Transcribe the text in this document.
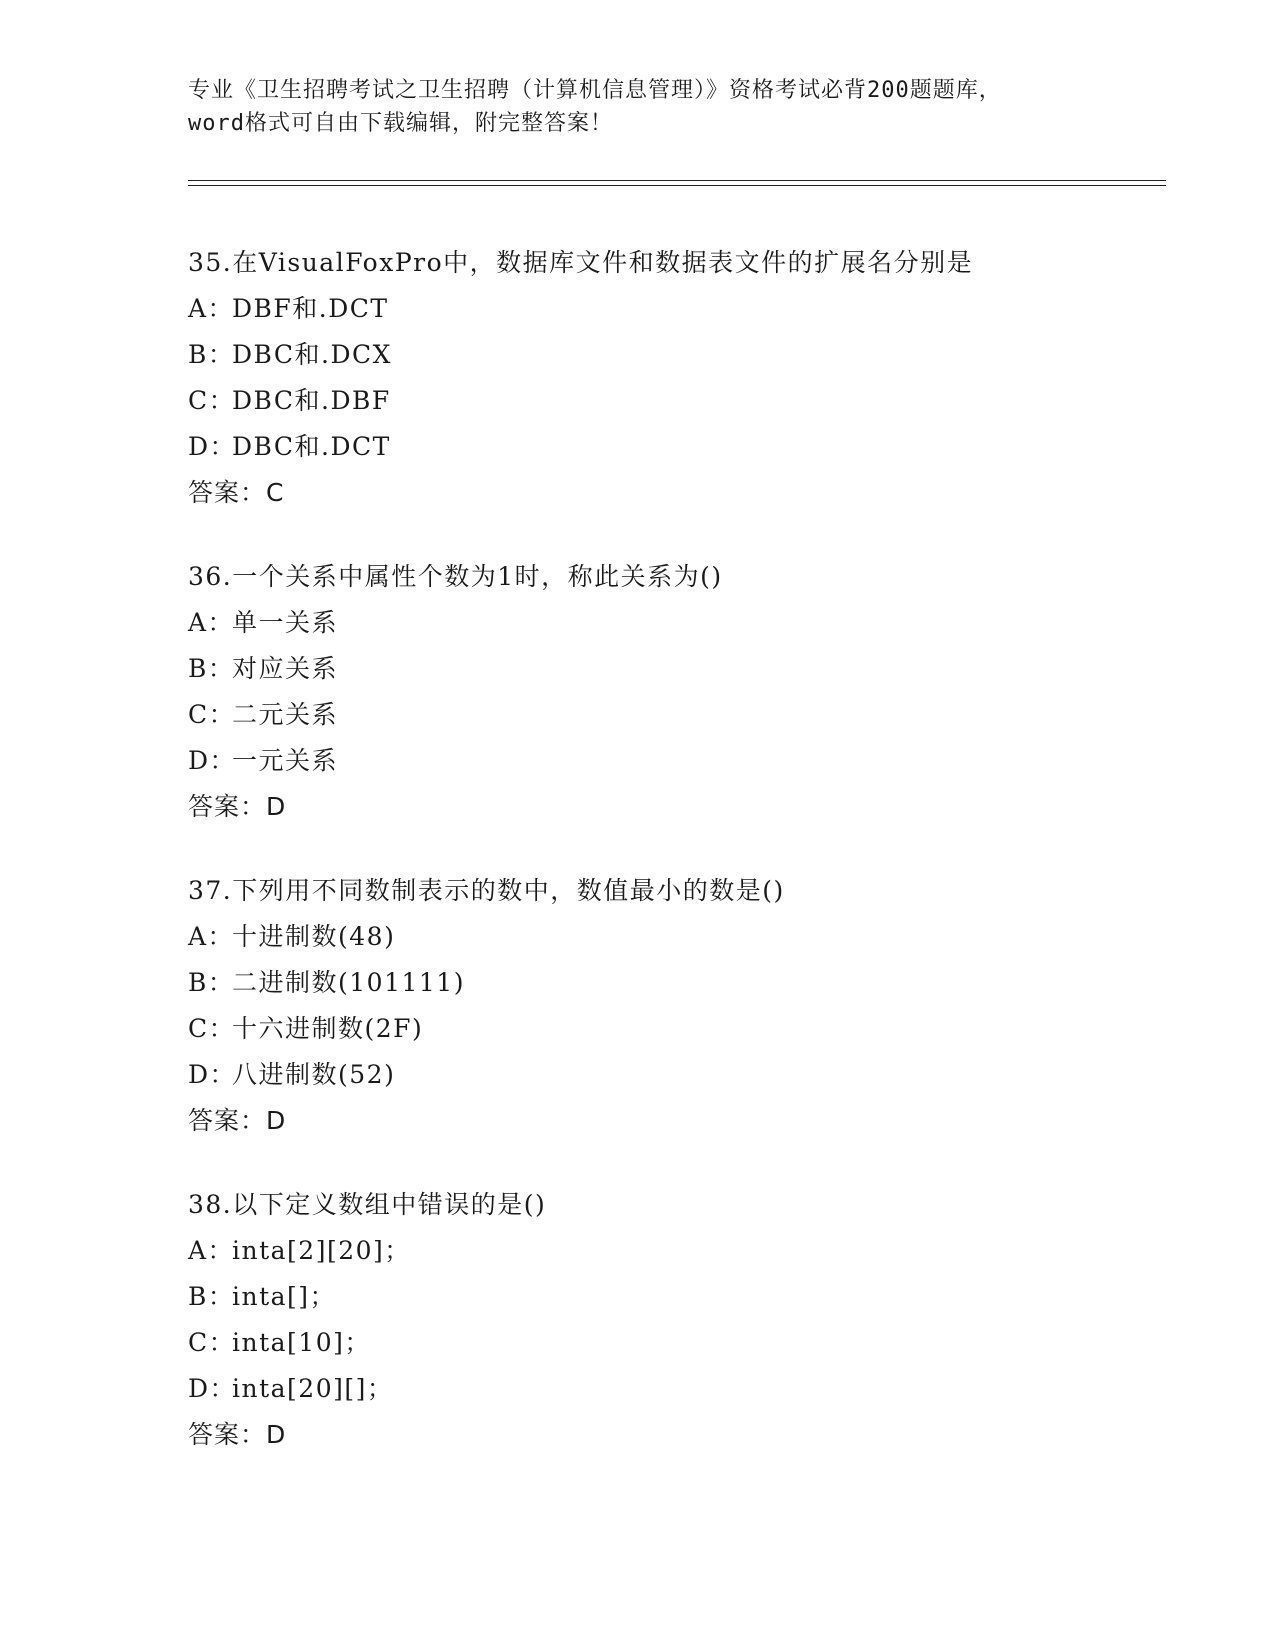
专业《卫生招聘考试之卫生招聘（计算机信息管理）》资格考试必背200题题库，
word格式可自由下载编辑，附完整答案！
35.在VisualFoxPro中，数据库文件和数据表文件的扩展名分别是
A：DBF和.DCT
B：DBC和.DCX
C：DBC和.DBF
D：DBC和.DCT
答案：C
36.一个关系中属性个数为1时，称此关系为()
A：单一关系
B：对应关系
C：二元关系
D：一元关系
答案：D
37.下列用不同数制表示的数中，数值最小的数是()
A：十进制数(48)
B：二进制数(101111)
C：十六进制数(2F)
D：八进制数(52)
答案：D
38.以下定义数组中错误的是()
A：inta[2][20]；
B：inta[]；
C：inta[10]；
D：inta[20][]；
答案：D
